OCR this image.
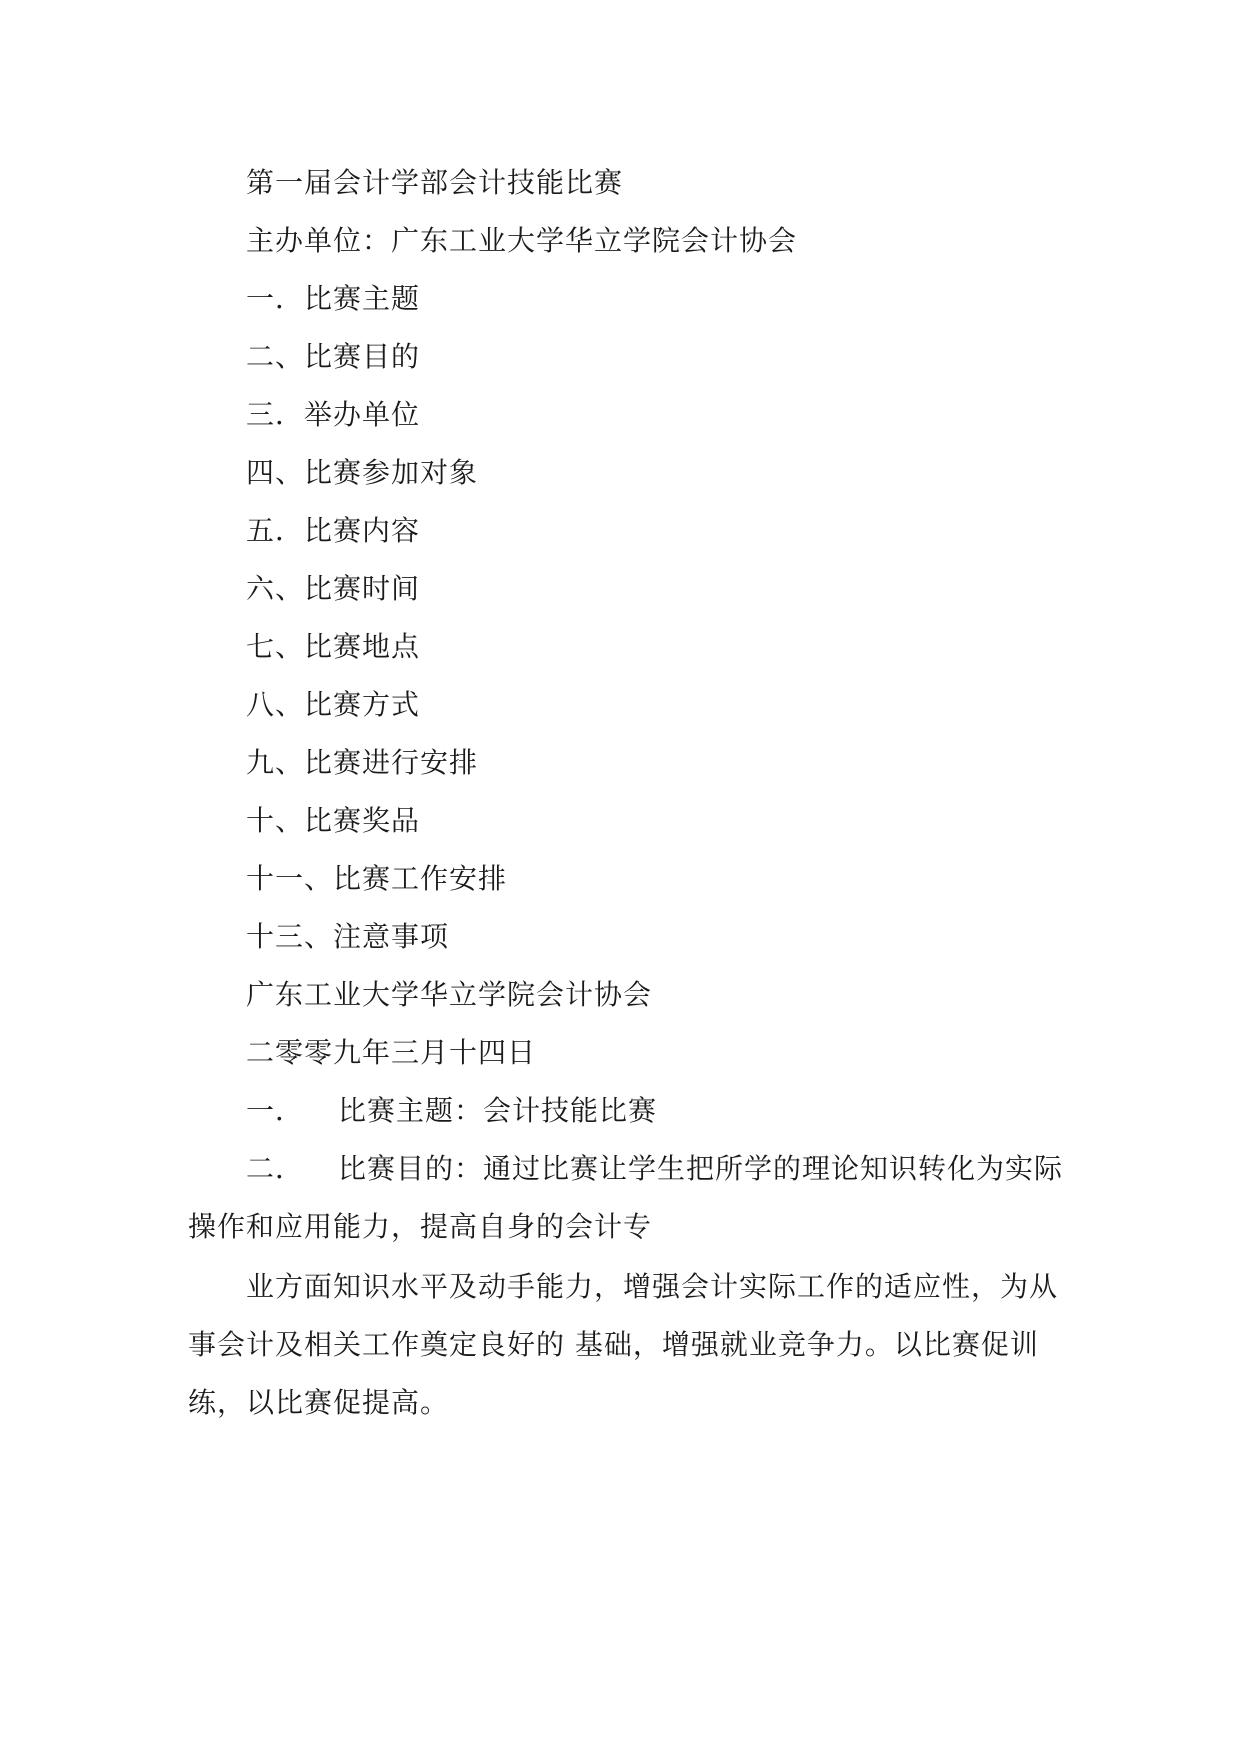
第一届会计学部会计技能比赛
主办单位：广东工业大学华立学院会计协会
一．比赛主题
二、比赛目的
三．举办单位
四、比赛参加对象
五．比赛内容
六、比赛时间
七、比赛地点
八、比赛方式
九、比赛进行安排
十、比赛奖品
十一、比赛工作安排
十三、注意事项
广东工业大学华立学院会计协会
二零零九年三月十四日
一． 比赛主题：会计技能比赛
二． 比赛目的：通过比赛让学生把所学的理论知识转化为实际
操作和应用能力，提高自身的会计专
业方面知识水平及动手能力，增强会计实际工作的适应性，为从
事会计及相关工作奠定良好的 基础，增强就业竞争力。以比赛促训
练，以比赛促提高。
